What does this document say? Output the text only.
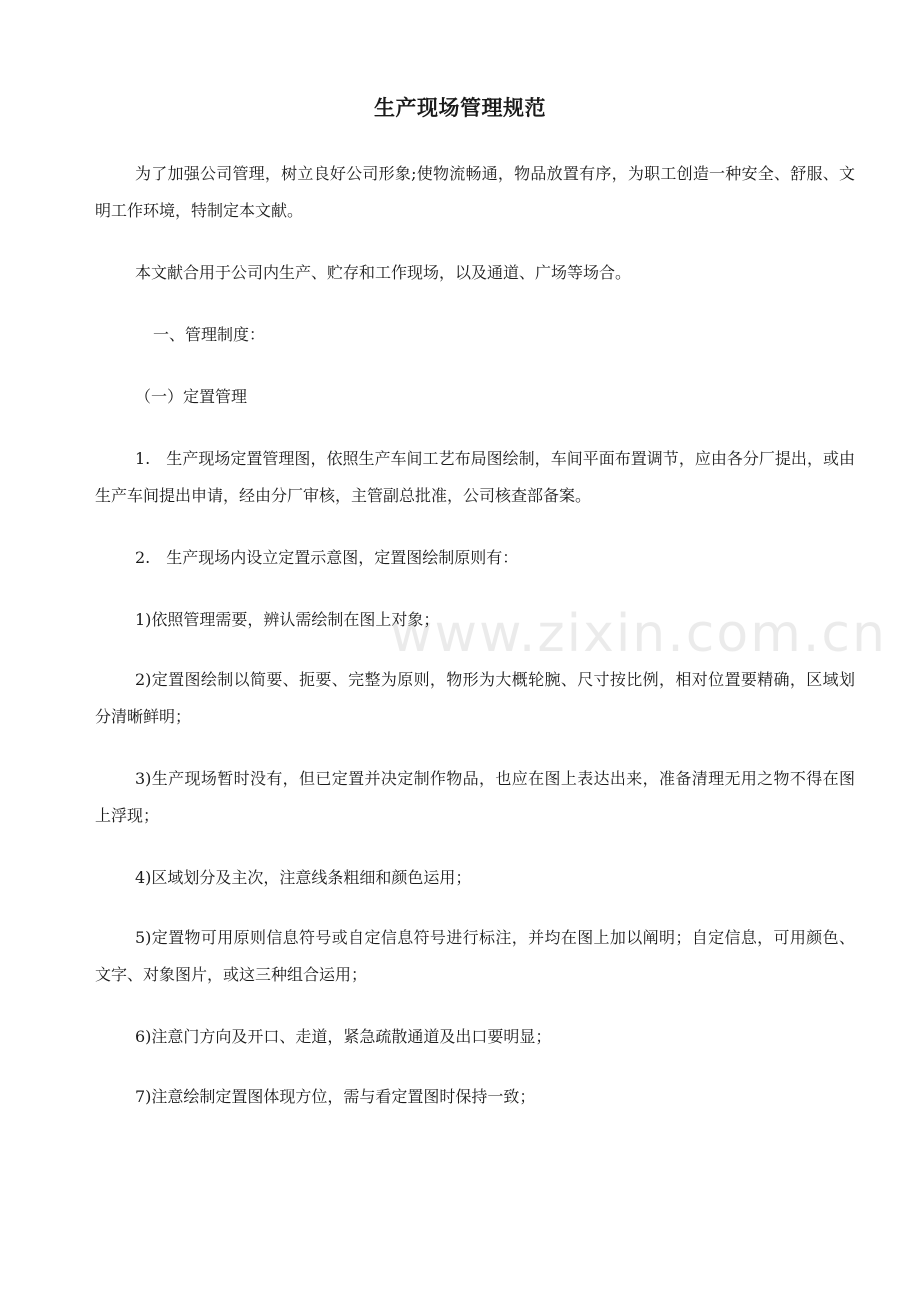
生产现场管理规范

为了加强公司管理，树立良好公司形象;使物流畅通，物品放置有序，为职工创造一种安全、舒服、文明工作环境，特制定本文献。

本文献合用于公司内生产、贮存和工作现场，以及通道、广场等场合。

一、管理制度：

（一）定置管理

1.　生产现场定置管理图，依照生产车间工艺布局图绘制，车间平面布置调节，应由各分厂提出，或由生产车间提出申请，经由分厂审核，主管副总批准，公司核查部备案。

2.　生产现场内设立定置示意图，定置图绘制原则有：

1)依照管理需要，辨认需绘制在图上对象；

2)定置图绘制以简要、扼要、完整为原则，物形为大概轮腕、尺寸按比例，相对位置要精确，区域划分清晰鲜明；

3)生产现场暂时没有，但已定置并决定制作物品，也应在图上表达出来，准备清理无用之物不得在图上浮现；

4)区域划分及主次，注意线条粗细和颜色运用；

5)定置物可用原则信息符号或自定信息符号进行标注，并均在图上加以阐明；自定信息，可用颜色、文字、对象图片，或这三种组合运用；

6)注意门方向及开口、走道，紧急疏散通道及出口要明显；

7)注意绘制定置图体现方位，需与看定置图时保持一致；

www.zixin.com.cn
